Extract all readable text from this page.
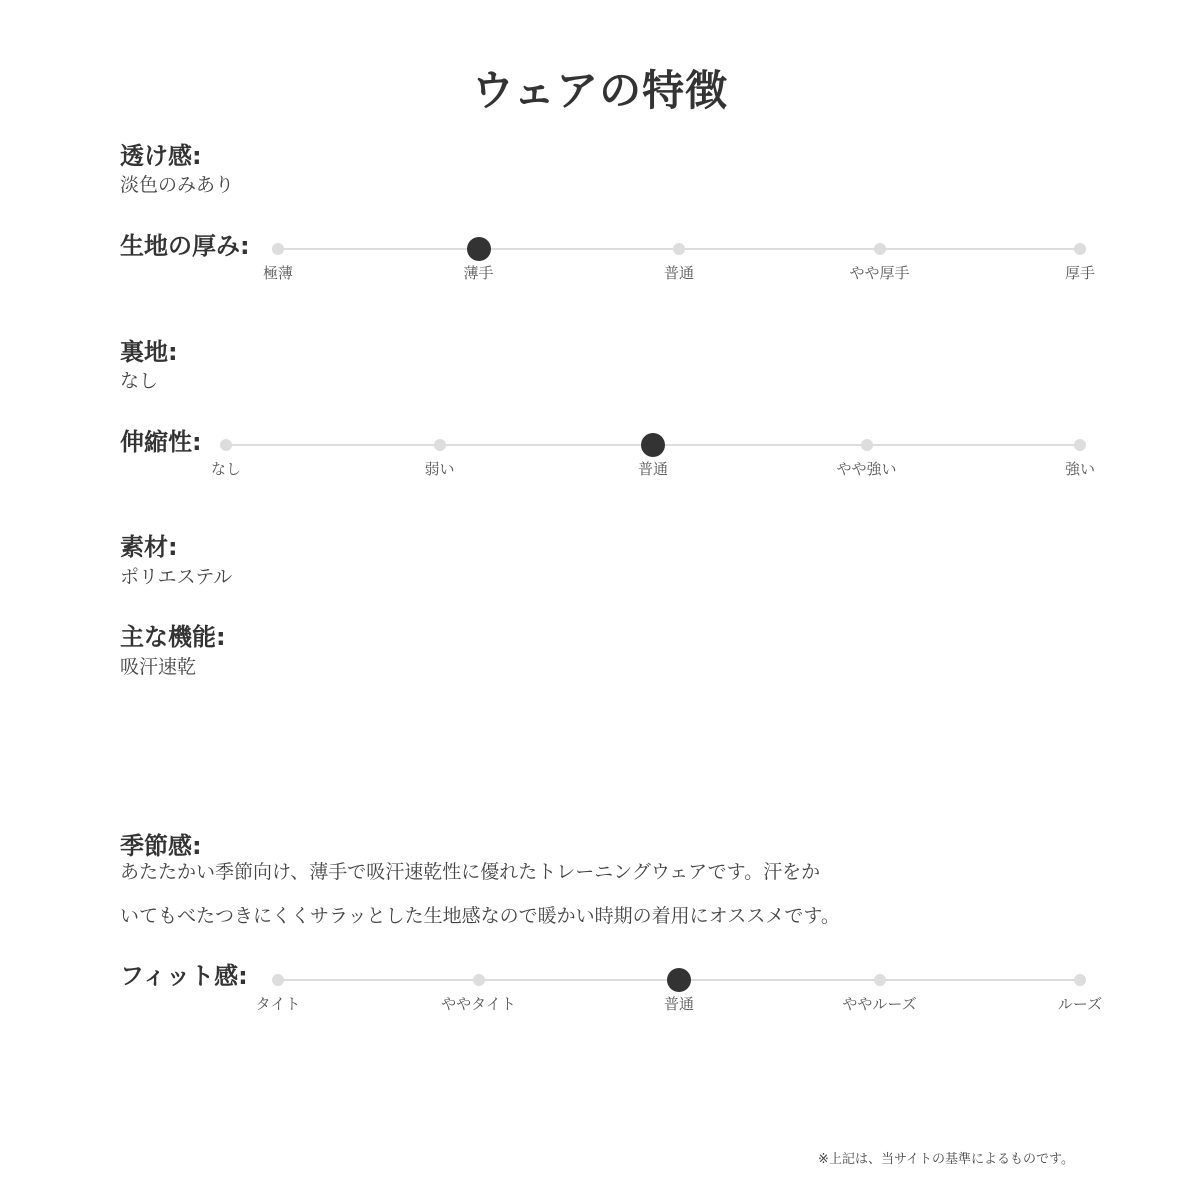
ウェアの特徴
透け感:
淡色のみあり
生地の厚み:
極薄	薄手	普通	やや厚手	厚手
裏地:
なし
伸縮性:
なし	弱い	普通	やや強い	強い
素材:
ポリエステル
主な機能:
吸汗速乾
季節感:
あたたかい季節向け、薄手で吸汗速乾性に優れたトレーニングウェアです。汗をか
いてもべたつきにくくサラッとした生地感なので暖かい時期の着用にオススメです。
フィット感:
タイト	ややタイト	普通	ややルーズ	ルーズ
※上記は、当サイトの基準によるものです。
